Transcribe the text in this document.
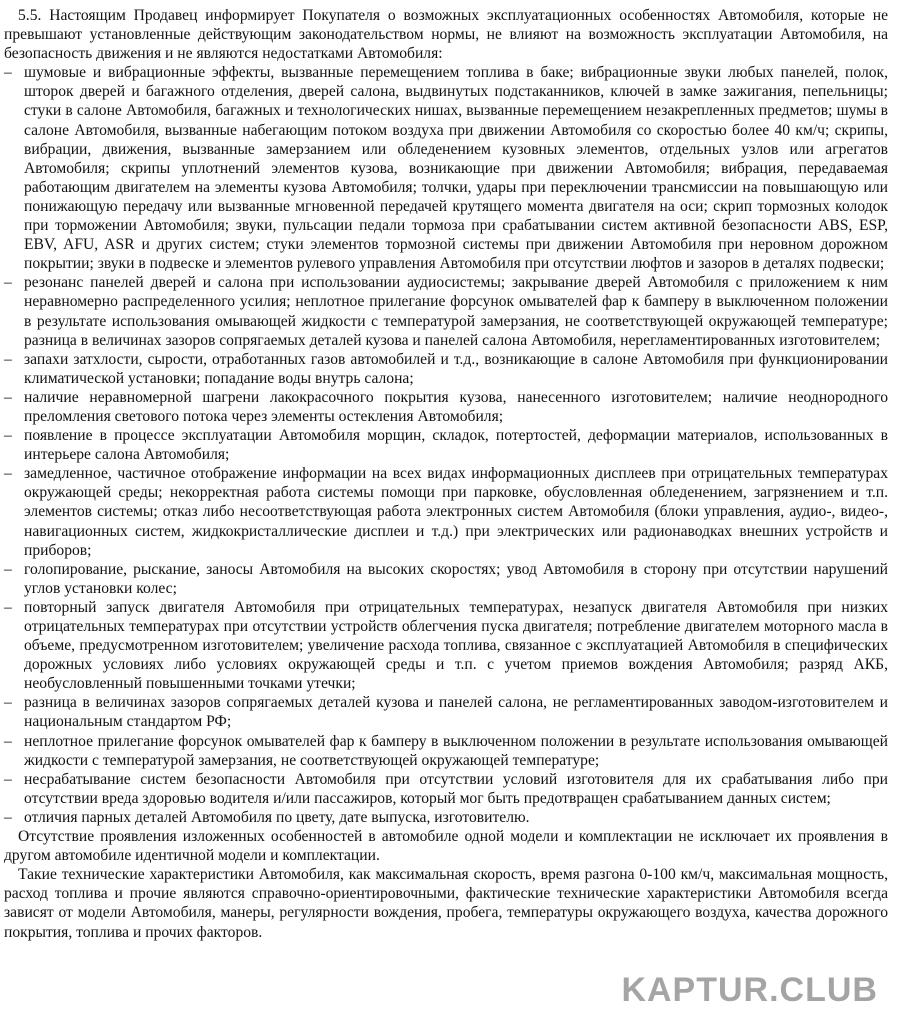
5.5. Настоящим Продавец информирует Покупателя о возможных эксплуатационных особенностях Автомобиля, которые не превышают установленные действующим законодательством нормы, не влияют на возможность эксплуатации Автомобиля, на безопасность движения и не являются недостатками Автомобиля:

– шумовые и вибрационные эффекты, вызванные перемещением топлива в баке; вибрационные звуки любых панелей, полок, шторок дверей и багажного отделения, дверей салона, выдвинутых подстаканников, ключей в замке зажигания, пепельницы; стуки в салоне Автомобиля, багажных и технологических нишах, вызванные перемещением незакрепленных предметов; шумы в салоне Автомобиля, вызванные набегающим потоком воздуха при движении Автомобиля со скоростью более 40 км/ч; скрипы, вибрации, движения, вызванные замерзанием или обледенением кузовных элементов, отдельных узлов или агрегатов Автомобиля; скрипы уплотнений элементов кузова, возникающие при движении Автомобиля; вибрация, передаваемая работающим двигателем на элементы кузова Автомобиля; толчки, удары при переключении трансмиссии на повышающую или понижающую передачу или вызванные мгновенной передачей крутящего момента двигателя на оси; скрип тормозных колодок при торможении Автомобиля; звуки, пульсации педали тормоза при срабатывании систем активной безопасности ABS, ESP, EBV, AFU, ASR и других систем; стуки элементов тормозной системы при движении Автомобиля при неровном дорожном покрытии; звуки в подвеске и элементов рулевого управления Автомобиля при отсутствии люфтов и зазоров в деталях подвески;
– резонанс панелей дверей и салона при использовании аудиосистемы; закрывание дверей Автомобиля с приложением к ним неравномерно распределенного усилия; неплотное прилегание форсунок омывателей фар к бамперу в выключенном положении в результате использования омывающей жидкости с температурой замерзания, не соответствующей окружающей температуре; разница в величинах зазоров сопрягаемых деталей кузова и панелей салона Автомобиля, нерегламентированных изготовителем;
– запахи затхлости, сырости, отработанных газов автомобилей и т.д., возникающие в салоне Автомобиля при функционировании климатической установки; попадание воды внутрь салона;
– наличие неравномерной шагрени лакокрасочного покрытия кузова, нанесенного изготовителем; наличие неоднородного преломления светового потока через элементы остекления Автомобиля;
– появление в процессе эксплуатации Автомобиля морщин, складок, потертостей, деформации материалов, использованных в интерьере салона Автомобиля;
– замедленное, частичное отображение информации на всех видах информационных дисплеев при отрицательных температурах окружающей среды; некорректная работа системы помощи при парковке, обусловленная обледенением, загрязнением и т.п. элементов системы; отказ либо несоответствующая работа электронных систем Автомобиля (блоки управления, аудио-, видео-, навигационных систем, жидкокристаллические дисплеи и т.д.) при электрических или радионаводках внешних устройств и приборов;
– голопирование, рыскание, заносы Автомобиля на высоких скоростях; увод Автомобиля в сторону при отсутствии нарушений углов установки колес;
– повторный запуск двигателя Автомобиля при отрицательных температурах, незапуск двигателя Автомобиля при низких отрицательных температурах при отсутствии устройств облегчения пуска двигателя; потребление двигателем моторного масла в объеме, предусмотренном изготовителем; увеличение расхода топлива, связанное с эксплуатацией Автомобиля в специфических дорожных условиях либо условиях окружающей среды и т.п. с учетом приемов вождения Автомобиля; разряд АКБ, необусловленный повышенными точками утечки;
– разница в величинах зазоров сопрягаемых деталей кузова и панелей салона, не регламентированных заводом-изготовителем и национальным стандартом РФ;
– неплотное прилегание форсунок омывателей фар к бамперу в выключенном положении в результате использования омывающей жидкости с температурой замерзания, не соответствующей окружающей температуре;
– несрабатывание систем безопасности Автомобиля при отсутствии условий изготовителя для их срабатывания либо при отсутствии вреда здоровью водителя и/или пассажиров, который мог быть предотвращен срабатыванием данных систем;
– отличия парных деталей Автомобиля по цвету, дате выпуска, изготовителю.

Отсутствие проявления изложенных особенностей в автомобиле одной модели и комплектации не исключает их проявления в другом автомобиле идентичной модели и комплектации.

Такие технические характеристики Автомобиля, как максимальная скорость, время разгона 0-100 км/ч, максимальная мощность, расход топлива и прочие являются справочно-ориентировочными, фактические технические характеристики Автомобиля всегда зависят от модели Автомобиля, манеры, регулярности вождения, пробега, температуры окружающего воздуха, качества дорожного покрытия, топлива и прочих факторов.

KAPTUR.CLUB
